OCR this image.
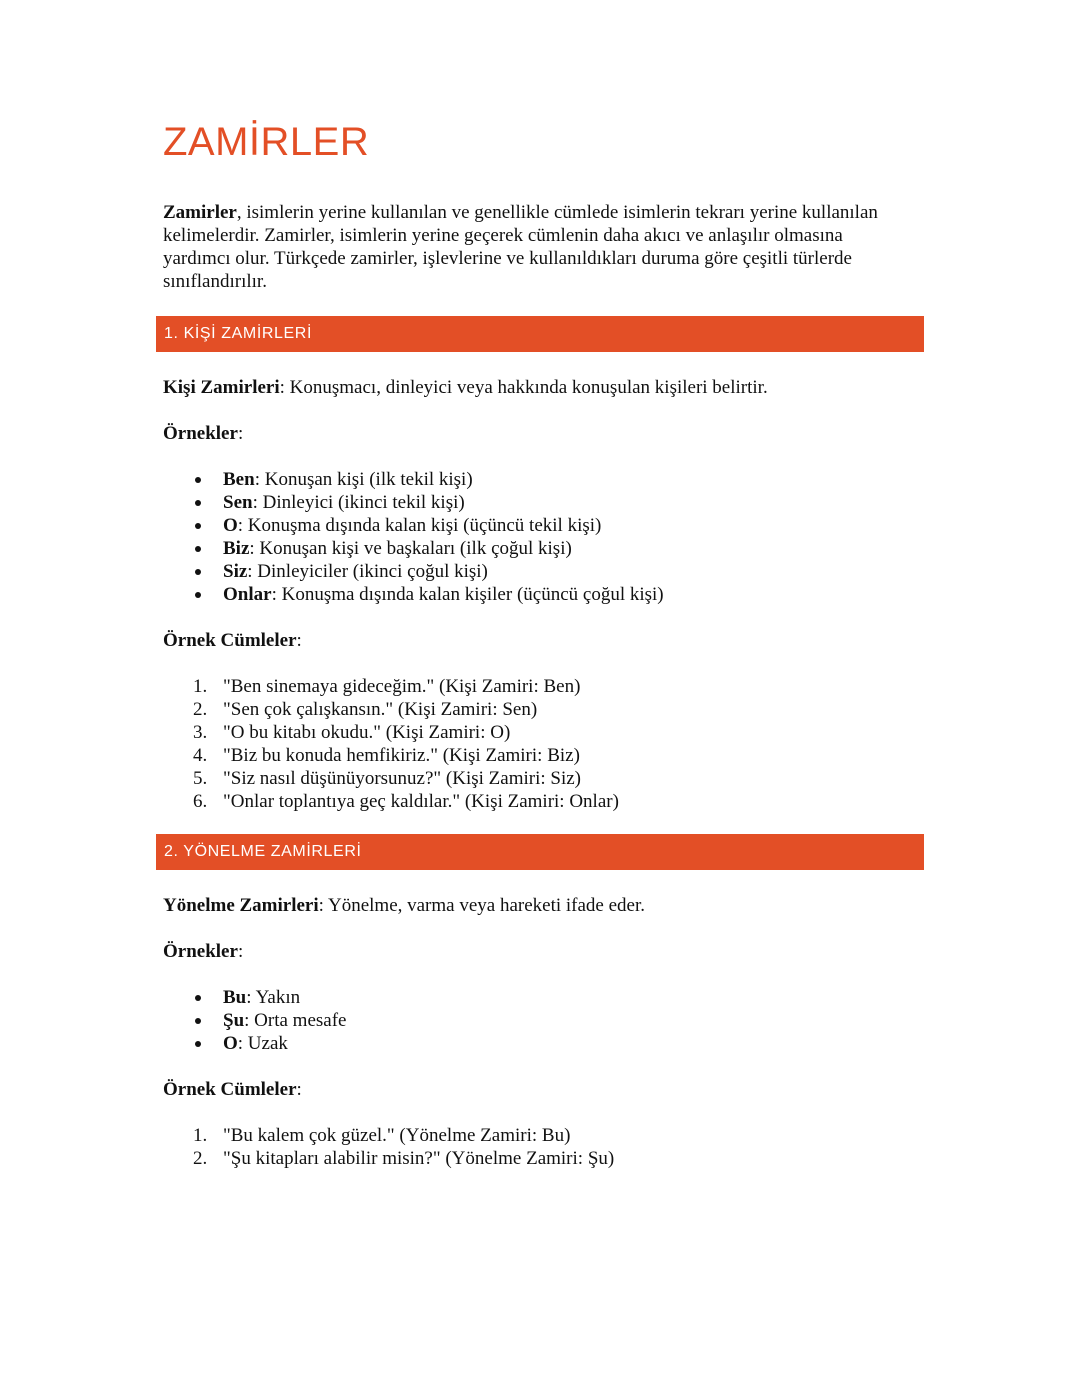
ZAMİRLER
Zamirler, isimlerin yerine kullanılan ve genellikle cümlede isimlerin tekrarı yerine kullanılan
kelimelerdir. Zamirler, isimlerin yerine geçerek cümlenin daha akıcı ve anlaşılır olmasına
yardımcı olur. Türkçede zamirler, işlevlerine ve kullanıldıkları duruma göre çeşitli türlerde
sınıflandırılır.
1. KİŞİ ZAMİRLERİ

Kişi Zamirleri: Konuşmacı, dinleyici veya hakkında konuşulan kişileri belirtir.

Örnekler:

Ben: Konuşan kişi (ilk tekil kişi)
Sen: Dinleyici (ikinci tekil kişi)
O: Konuşma dışında kalan kişi (üçüncü tekil kişi)
Biz: Konuşan kişi ve başkaları (ilk çoğul kişi)
Siz: Dinleyiciler (ikinci çoğul kişi)
Onlar: Konuşma dışında kalan kişiler (üçüncü çoğul kişi)

Örnek Cümleler:

1. "Ben sinemaya gideceğim." (Kişi Zamiri: Ben)
2. "Sen çok çalışkansın." (Kişi Zamiri: Sen)
3. "O bu kitabı okudu." (Kişi Zamiri: O)
4. "Biz bu konuda hemfikiriz." (Kişi Zamiri: Biz)
5. "Siz nasıl düşünüyorsunuz?" (Kişi Zamiri: Siz)
6. "Onlar toplantıya geç kaldılar." (Kişi Zamiri: Onlar)
2. YÖNELME ZAMİRLERİ

Yönelme Zamirleri: Yönelme, varma veya hareketi ifade eder.

Örnekler:

Bu: Yakın
Şu: Orta mesafe
O: Uzak

Örnek Cümleler:

1. "Bu kalem çok güzel." (Yönelme Zamiri: Bu)
2. "Şu kitapları alabilir misin?" (Yönelme Zamiri: Şu)
